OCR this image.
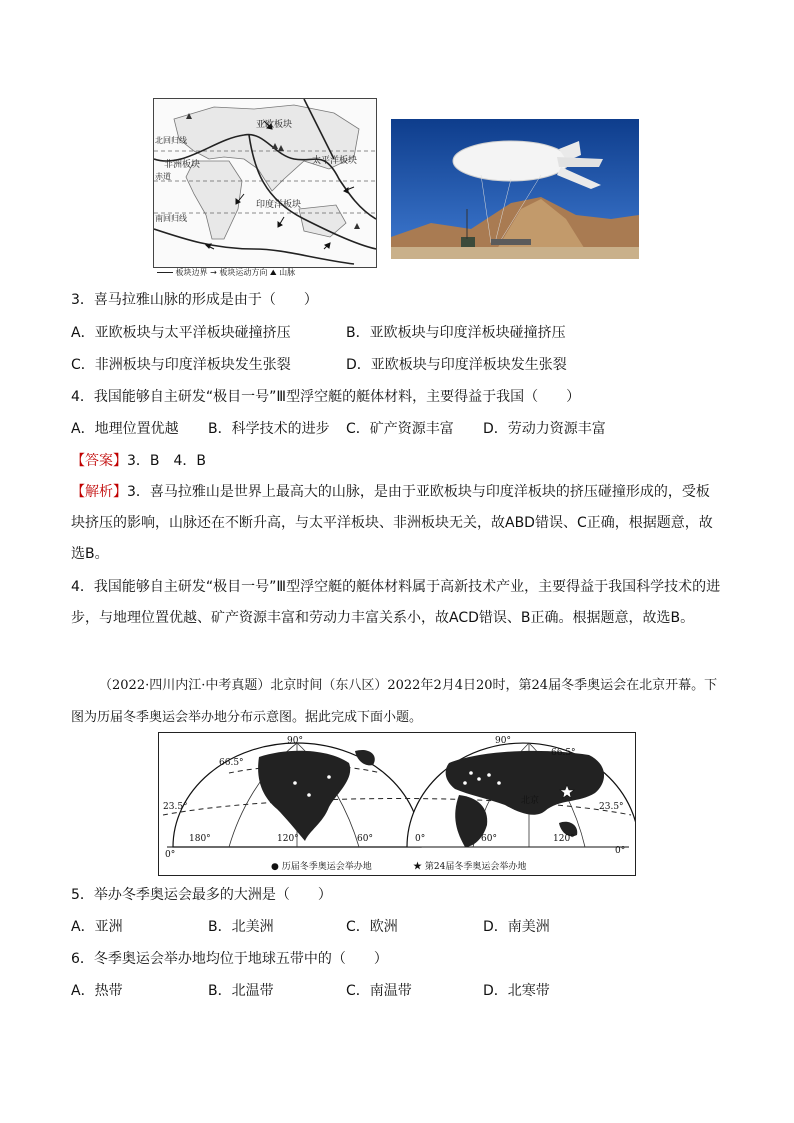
亚欧板块
非洲板块	太平洋板块
印度洋板块
北回归线
赤道
南回归线
板块边界 → 板块运动方向 ⛰ 山脉
3．喜马拉雅山脉的形成是由于（　　）
A．亚欧板块与太平洋板块碰撞挤压	B．亚欧板块与印度洋板块碰撞挤压
C．非洲板块与印度洋板块发生张裂	D．亚欧板块与印度洋板块发生张裂
4．我国能够自主研发“极目一号”Ⅲ型浮空艇的艇体材料，主要得益于我国（　　）
A．地理位置优越 B．科学技术的进步 C．矿产资源丰富 D．劳动力资源丰富
【答案】3．B　4．B
【解析】3．喜马拉雅山是世界上最高大的山脉，是由于亚欧板块与印度洋板块的挤压碰撞形成的，受板块挤压的影响，山脉还在不断升高，与太平洋板块、非洲板块无关，故ABD错误、C正确，根据题意，故选B。
4．我国能够自主研发“极目一号”Ⅲ型浮空艇的艇体材料属于高新技术产业，主要得益于我国科学技术的进步，与地理位置优越、矿产资源丰富和劳动力丰富关系小，故ACD错误、B正确。根据题意，故选B。
（2022·四川内江·中考真题）北京时间（东八区）2022年2月4日20时，第24届冬季奥运会在北京开幕。下图为历届冬季奥运会举办地分布示意图。据此完成下面小题。
90°
66.5°
23.5°
180°	120°	60°
0°
90°
66.5°
23.5°
北京
0°	60°	120°
0°
● 历届冬季奥运会举办地	★ 第24届冬季奥运会举办地
5．举办冬季奥运会最多的大洲是（　　）
A．亚洲	B．北美洲	C．欧洲	D．南美洲
6．冬季奥运会举办地均位于地球五带中的（　　）
A．热带	B．北温带	C．南温带	D．北寒带
